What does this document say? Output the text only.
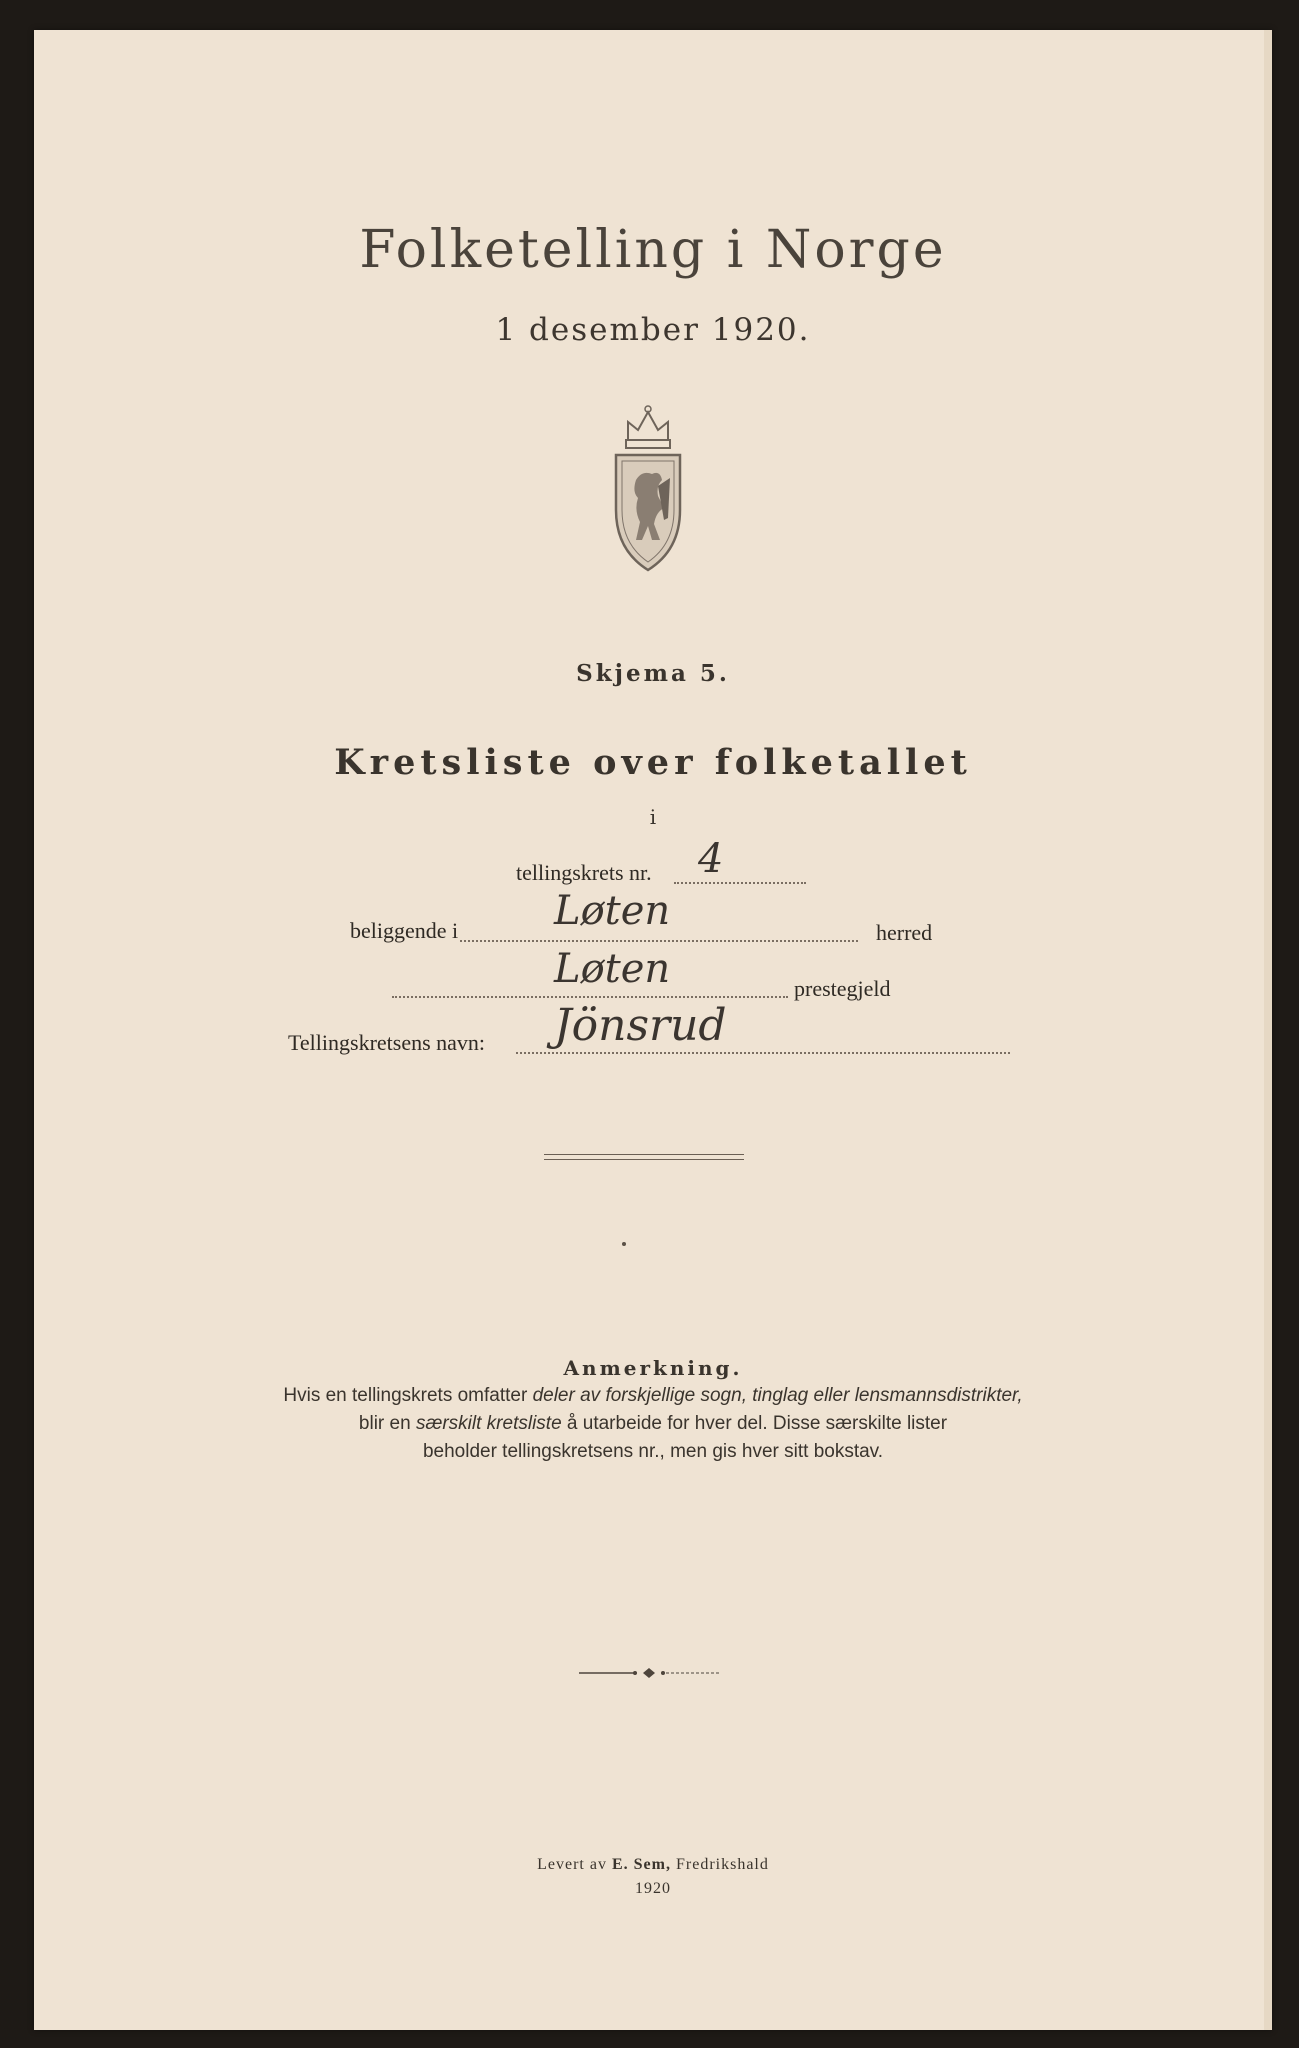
Folketelling i Norge
1 desember 1920.
Skjema 5.
Kretsliste over folketallet
i
tellingskrets nr. 4
beliggende i Løten	herred
Løten	prestegjeld
Tellingskretsens navn: Jönsrud
Anmerkning.
Hvis en tellingskrets omfatter deler av forskjellige sogn, tinglag eller lensmannsdistrikter,
blir en særskilt kretsliste å utarbeide for hver del. Disse særskilte lister
beholder tellingskretsens nr., men gis hver sitt bokstav.
Levert av E. Sem, Fredrikshald
1920
